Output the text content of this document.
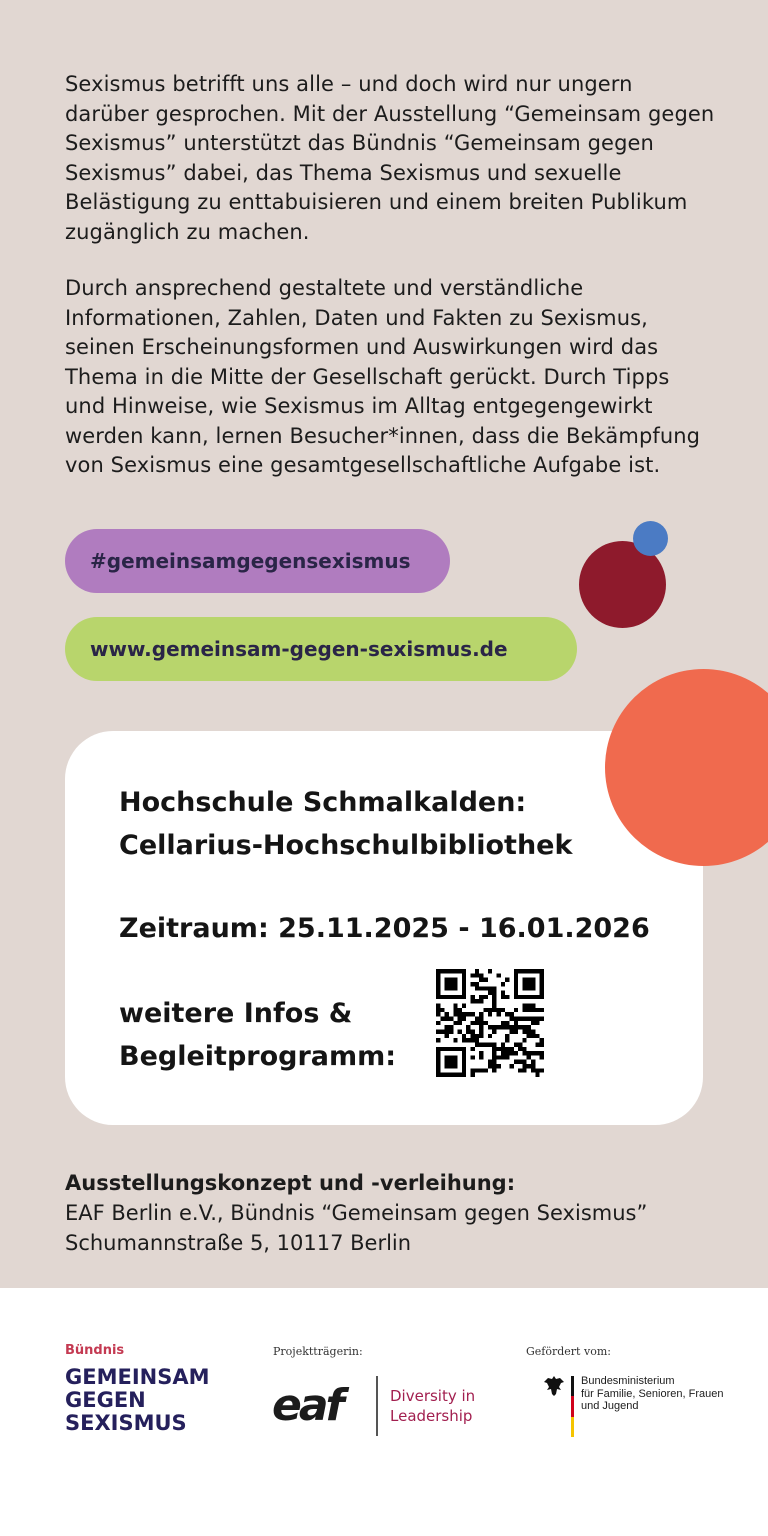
Sexismus betrifft uns alle – und doch wird nur ungern darüber gesprochen. Mit der Ausstellung “Gemeinsam gegen Sexismus” unterstützt das Bündnis “Gemeinsam gegen Sexismus” dabei, das Thema Sexismus und sexuelle Belästigung zu enttabuisieren und einem breiten Publikum zugänglich zu machen.

Durch ansprechend gestaltete und verständliche Informationen, Zahlen, Daten und Fakten zu Sexismus, seinen Erscheinungsformen und Auswirkungen wird das Thema in die Mitte der Gesellschaft gerückt. Durch Tipps und Hinweise, wie Sexismus im Alltag entgegengewirkt werden kann, lernen Besucher*innen, dass die Bekämpfung von Sexismus eine gesamtgesellschaftliche Aufgabe ist.

#gemeinsamgegensexismus
www.gemeinsam-gegen-sexismus.de
Hochschule Schmalkalden:
Cellarius-Hochschulbibliothek
Zeitraum: 25.11.2025 - 16.01.2026
weitere Infos &
Begleitprogramm:
Ausstellungskonzept und -verleihung:
EAF Berlin e.V., Bündnis “Gemeinsam gegen Sexismus”
Schumannstraße 5, 10117 Berlin
Bündnis
GEMEINSAM
GEGEN
SEXISMUS
Projektträgerin:
eaf	Diversity in
Leadership
Gefördert vom:
Bundesministerium
für Familie, Senioren, Frauen
und Jugend
